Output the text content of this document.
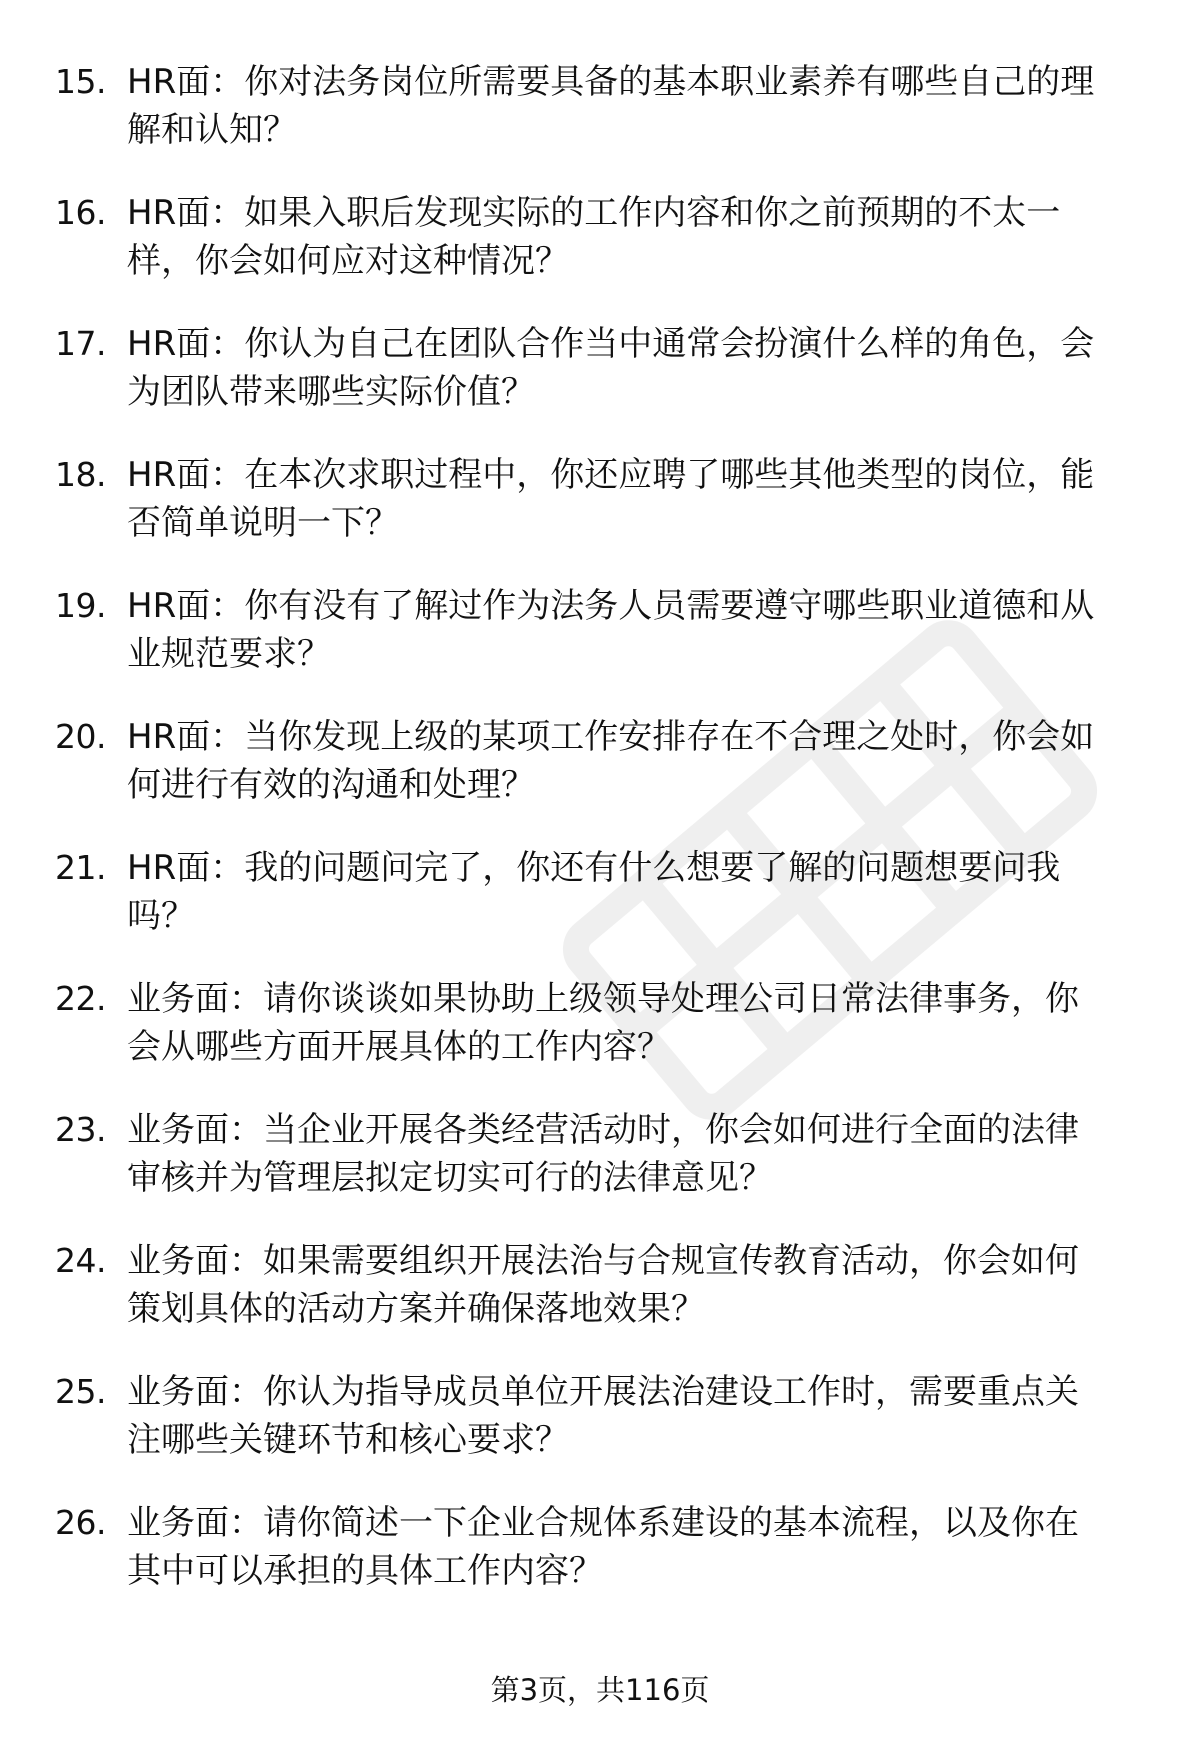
15. HR面：你对法务岗位所需要具备的基本职业素养有哪些自己的理
解和认知？

16. HR面：如果入职后发现实际的工作内容和你之前预期的不太一
样，你会如何应对这种情况？

17. HR面：你认为自己在团队合作当中通常会扮演什么样的角色，会
为团队带来哪些实际价值？

18. HR面：在本次求职过程中，你还应聘了哪些其他类型的岗位，能
否简单说明一下？

19. HR面：你有没有了解过作为法务人员需要遵守哪些职业道德和从
业规范要求？

20. HR面：当你发现上级的某项工作安排存在不合理之处时，你会如
何进行有效的沟通和处理？

21. HR面：我的问题问完了，你还有什么想要了解的问题想要问我
吗？

22. 业务面：请你谈谈如果协助上级领导处理公司日常法律事务，你
会从哪些方面开展具体的工作内容？

23. 业务面：当企业开展各类经营活动时，你会如何进行全面的法律
审核并为管理层拟定切实可行的法律意见？

24. 业务面：如果需要组织开展法治与合规宣传教育活动，你会如何
策划具体的活动方案并确保落地效果？

25. 业务面：你认为指导成员单位开展法治建设工作时，需要重点关
注哪些关键环节和核心要求？

26. 业务面：请你简述一下企业合规体系建设的基本流程，以及你在
其中可以承担的具体工作内容？

第3页，共116页
